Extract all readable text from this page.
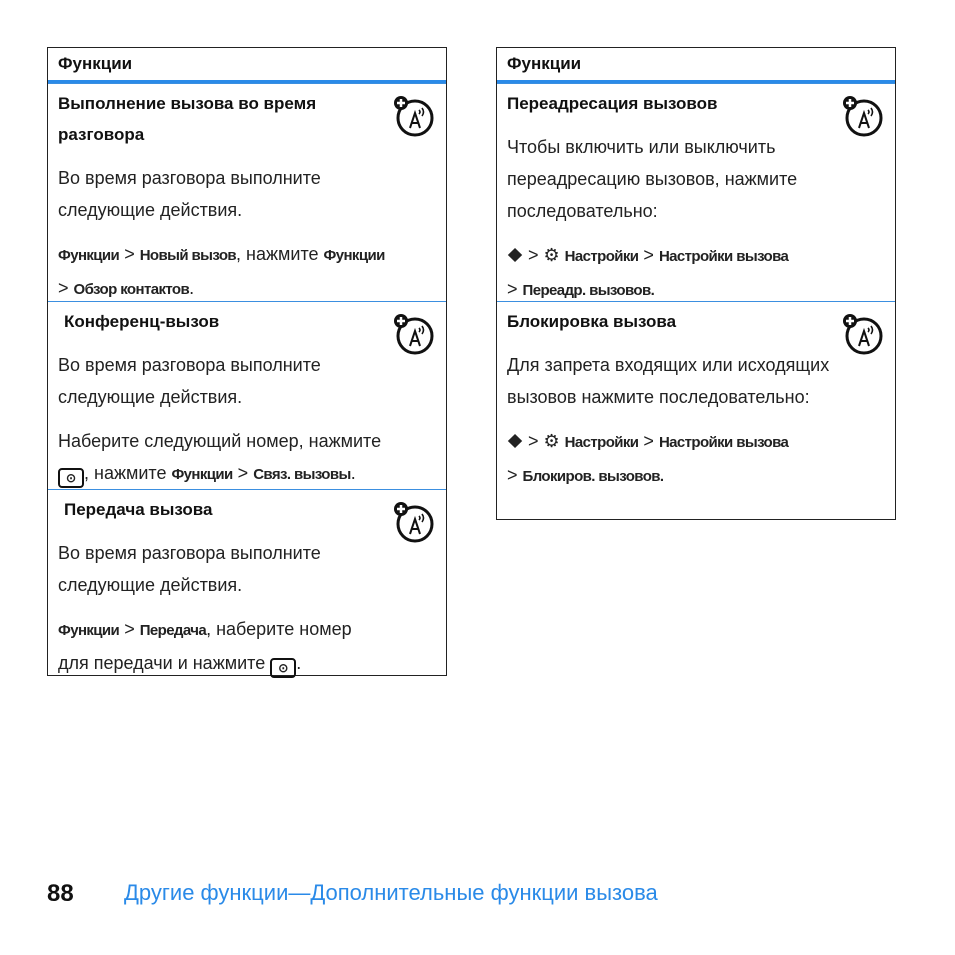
Функции
Выполнение вызова во время разговора
Во время разговора выполните следующие действия.
Функции > Новый вызов, нажмите Функции
> Обзор контактов.
Конференц-вызов
Во время разговора выполните следующие действия.
Наберите следующий номер, нажмите ⊙ , нажмите Функции > Связ. вызовы.
Передача вызова
Во время разговора выполните следующие действия.
Функции > Передача, наберите номер для передачи и нажмите ⊙ .
Функции
Переадресация вызовов
Чтобы включить или выключить переадресацию вызовов, нажмите последовательно:
⯁ > ⚙ Настройки > Настройки вызова
> Переадр. вызовов.
Блокировка вызова
Для запрета входящих или исходящих вызовов нажмите последовательно:
⯁ > ⚙ Настройки > Настройки вызова
> Блокиров. вызовов.
88 Другие функции—Дополнительные функции вызова
